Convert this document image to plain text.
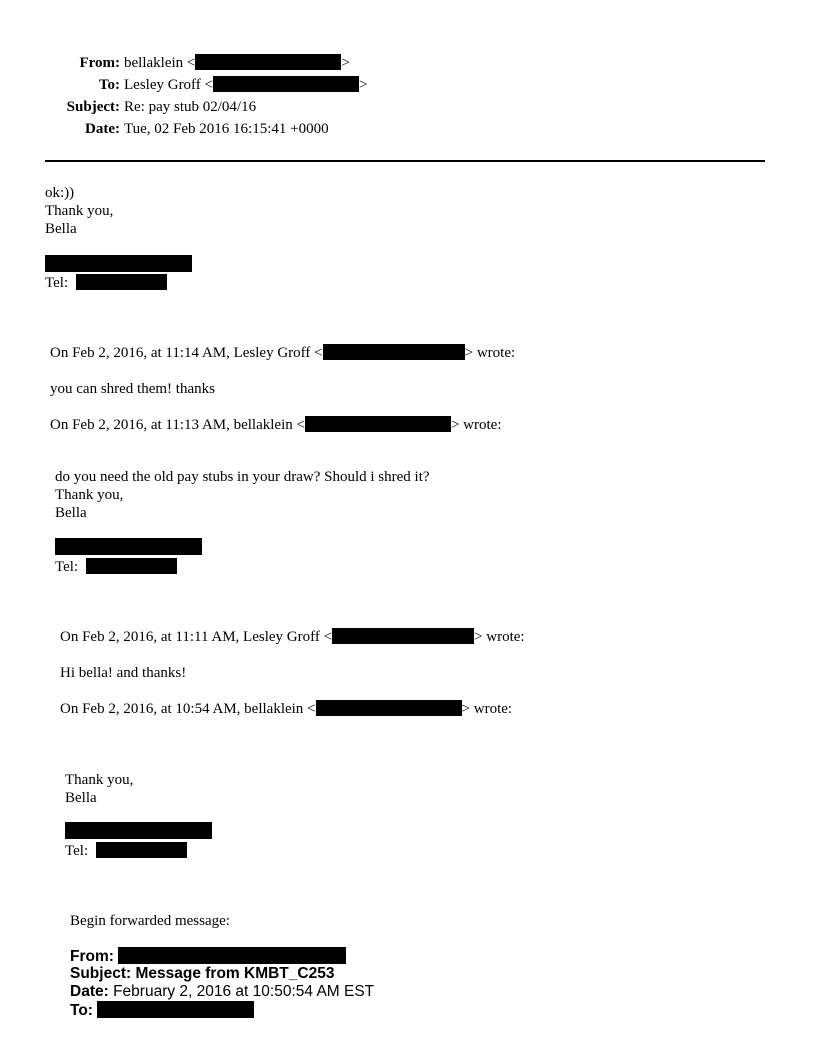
From: bellaklein <	>
To: Lesley Groff <	>
Subject: Re: pay stub 02/04/16
Date: Tue, 02 Feb 2016 16:15:41 +0000
ok:))
Thank you,
Bella
Tel:
On Feb 2, 2016, at 11:14 AM, Lesley Groff <	> wrote:
you can shred them! thanks
On Feb 2, 2016, at 11:13 AM, bellaklein <	> wrote:
do you need the old pay stubs in your draw? Should i shred it?
Thank you,
Bella
Tel:
On Feb 2, 2016, at 11:11 AM, Lesley Groff <	> wrote:
Hi bella! and thanks!
On Feb 2, 2016, at 10:54 AM, bellaklein <	> wrote:
Thank you,
Bella
Tel:
Begin forwarded message:
From:
Subject: Message from KMBT_C253
Date: February 2, 2016 at 10:50:54 AM EST
To:
